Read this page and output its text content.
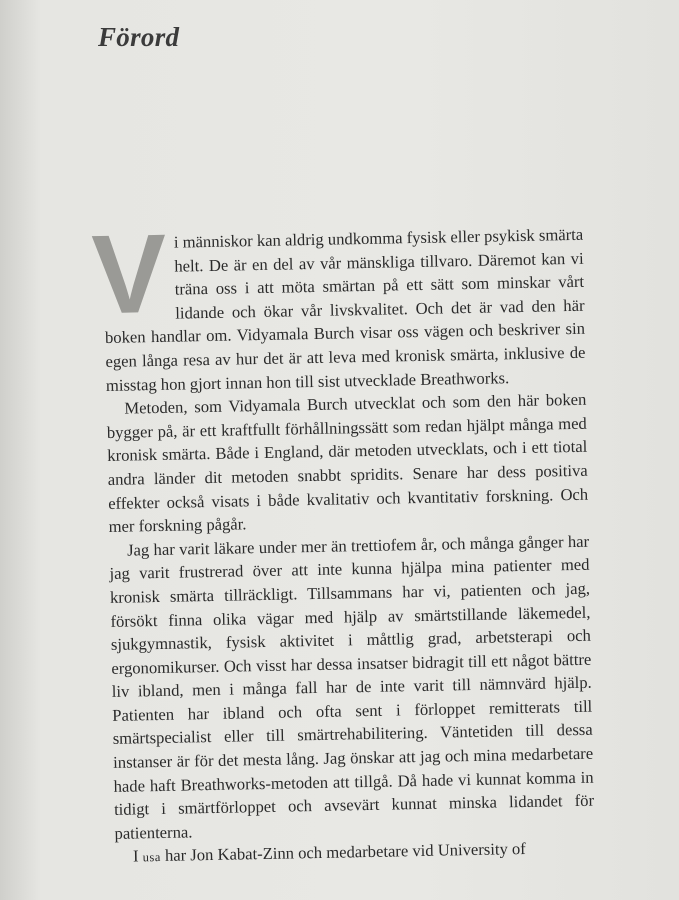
Förord

Vi människor kan aldrig undkomma fysisk eller psykisk smärta helt. De är en del av vår mänskliga tillvaro. Däremot kan vi träna oss i att möta smärtan på ett sätt som minskar vårt lidande och ökar vår livskvalitet. Och det är vad den här boken handlar om. Vidyamala Burch visar oss vägen och beskriver sin egen långa resa av hur det är att leva med kronisk smärta, inklusive de misstag hon gjort innan hon till sist utvecklade Breathworks.

Metoden, som Vidyamala Burch utvecklat och som den här boken bygger på, är ett kraftfullt förhållningssätt som redan hjälpt många med kronisk smärta. Både i England, där metoden utvecklats, och i ett tiotal andra länder dit metoden snabbt spridits. Senare har dess positiva effekter också visats i både kvalitativ och kvantitativ forskning. Och mer forskning pågår.

Jag har varit läkare under mer än trettiofem år, och många gånger har jag varit frustrerad över att inte kunna hjälpa mina patienter med kronisk smärta tillräckligt. Tillsammans har vi, patienten och jag, försökt finna olika vägar med hjälp av smärtstillande läkemedel, sjukgymnastik, fysisk aktivitet i måttlig grad, arbetsterapi och ergonomikurser. Och visst har dessa insatser bidragit till ett något bättre liv ibland, men i många fall har de inte varit till nämnvärd hjälp. Patienten har ibland och ofta sent i förloppet remitterats till smärtspecialist eller till smärtrehabilitering. Väntetiden till dessa instanser är för det mesta lång. Jag önskar att jag och mina medarbetare hade haft Breathworks-metoden att tillgå. Då hade vi kunnat komma in tidigt i smärtförloppet och avsevärt kunnat minska lidandet för patienterna.

I usa har Jon Kabat-Zinn och medarbetare vid University of
